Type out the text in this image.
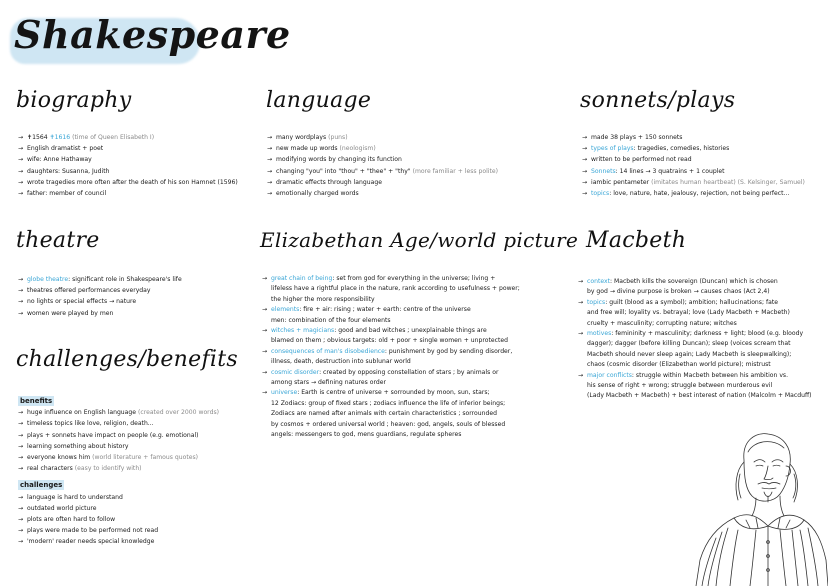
Shakespeare
biography	language	sonnets/plays
theatre	Elizabethan Age/world picture Macbeth
challenges/benefits
→ ✝1564 ✝1616 (time of Queen Elisabeth I)
→ English dramatist + poet
→ wife: Anne Hathaway
→ daughters: Susanna, Judith
→ wrote tragedies more often after the death of his son Hamnet (1596)
→ father: member of council
→ many wordplays (puns)
→ new made up words (neologism)
→ modifying words by changing its function
→ changing "you" into "thou" + "thee" + "thy" (more familiar + less polite)
→ dramatic effects through language
→ emotionally charged words
→ made 38 plays + 150 sonnets
→ types of plays: tragedies, comedies, histories
→ written to be performed not read
→ Sonnets: 14 lines → 3 quatrains + 1 couplet
→ iambic pentameter (imitates human heartbeat) (S. Kelsinger, Samuel)
→ topics: love, nature, hate, jealousy, rejection, not being perfect...
→ globe theatre: significant role in Shakespeare's life
→ theatres offered performances everyday
→ no lights or special effects → nature
→ women were played by men
→ great chain of being: set from god for everything in the universe; living +
lifeless have a rightful place in the nature, rank according to usefulness + power;
the higher the more responsibility
→ elements: fire + air: rising ; water + earth: centre of the universe
men: combination of the four elements
→ witches + magicians: good and bad witches ; unexplainable things are
blamed on them ; obvious targets: old + poor + single women + unprotected
→ consequences of man's disobedience: punishment by god by sending disorder,
illness, death, destruction into sublunar world
→ cosmic disorder: created by opposing constellation of stars ; by animals or
among stars → defining natures order
→ universe: Earth is centre of universe + sorrounded by moon, sun, stars;
12 Zodiacs: group of fixed stars ; zodiacs influence the life of inferior beings;
Zodiacs are named after animals with certain characteristics ; sorrounded
by cosmos + ordered universal world ; heaven: god, angels, souls of blessed
angels: messengers to god, mens guardians, regulate spheres
→ context: Macbeth kills the sovereign (Duncan) which is chosen
by god → divine purpose is broken → causes chaos (Act 2,4)
→ topics: guilt (blood as a symbol); ambition; hallucinations; fate
and free will; loyality vs. betrayal; love (Lady Macbeth + Macbeth)
cruelty + masculinity; corrupting nature; witches
→ motives: femininity + masculinity; darkness + light; blood (e.g. bloody
dagger); dagger (before killing Duncan); sleep (voices scream that
Macbeth should never sleep again; Lady Macbeth is sleepwalking);
chaos (cosmic disorder (Elizabethan world picture); mistrust
→ major conflicts: struggle within Macbeth between his ambition vs.
his sense of right + wrong; struggle between murderous evil
(Lady Macbeth + Macbeth) + best interest of nation (Malcolm + Macduff)
benefits
→ huge influence on English language (created over 2000 words)
→ timeless topics like love, religion, death...
→ plays + sonnets have impact on people (e.g. emotional)
→ learning something about history
→ everyone knows him (world literature + famous quotes)
→ real characters (easy to identify with)
challenges
→ language is hard to understand
→ outdated world picture
→ plots are often hard to follow
→ plays were made to be performed not read
→ 'modern' reader needs special knowledge
